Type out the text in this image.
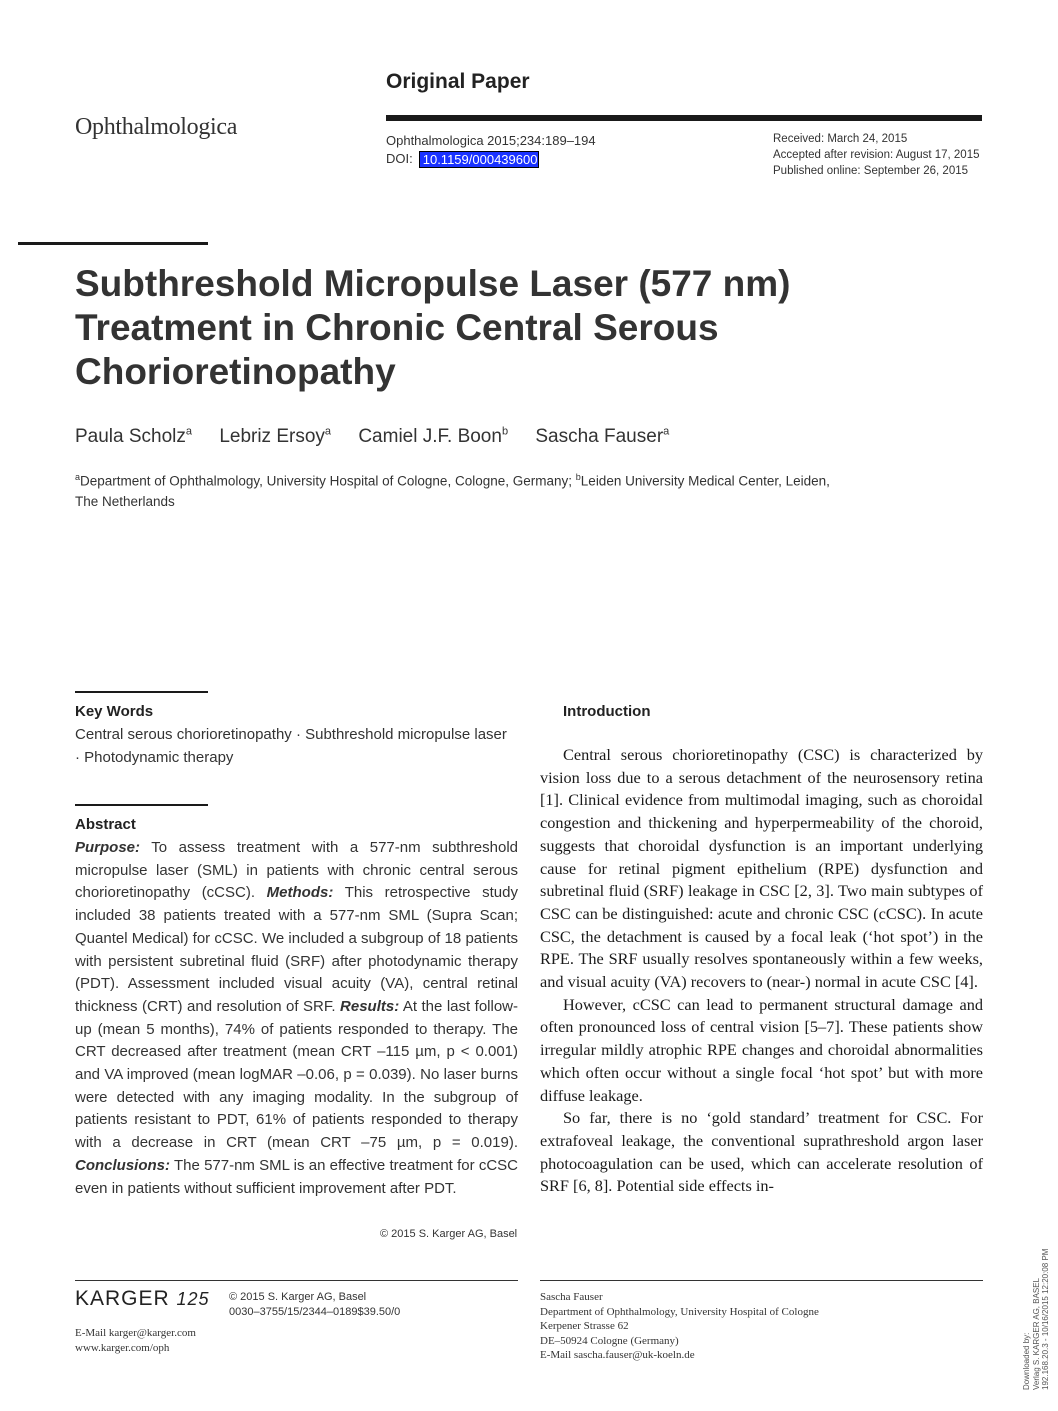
Original Paper
Ophthalmologica
Ophthalmologica 2015;234:189–194
DOI: 10.1159/000439600
Received: March 24, 2015
Accepted after revision: August 17, 2015
Published online: September 26, 2015
Subthreshold Micropulse Laser (577 nm) Treatment in Chronic Central Serous Chorioretinopathy
Paula Scholz$^a$ Lebriz Ersoy$^a$ Camiel J.F. Boon$^b$ Sascha Fauser$^a$
$^a$Department of Ophthalmology, University Hospital of Cologne, Cologne, Germany; $^b$Leiden University Medical Center, Leiden, The Netherlands
Key Words
Central serous chorioretinopathy · Subthreshold micropulse laser · Photodynamic therapy
Abstract
Purpose: To assess treatment with a 577-nm subthreshold micropulse laser (SML) in patients with chronic central serous chorioretinopathy (cCSC). Methods: This retrospective study included 38 patients treated with a 577-nm SML (Supra Scan; Quantel Medical) for cCSC. We included a subgroup of 18 patients with persistent subretinal fluid (SRF) after photodynamic therapy (PDT). Assessment included visual acuity (VA), central retinal thickness (CRT) and resolution of SRF. Results: At the last follow-up (mean 5 months), 74% of patients responded to therapy. The CRT decreased after treatment (mean CRT –115 µm, p < 0.001) and VA improved (mean logMAR –0.06, p = 0.039). No laser burns were detected with any imaging modality. In the subgroup of patients resistant to PDT, 61% of patients responded to therapy with a decrease in CRT (mean CRT –75 µm, p = 0.019). Conclusions: The 577-nm SML is an effective treatment for cCSC even in patients without sufficient improvement after PDT.
© 2015 S. Karger AG, Basel
Introduction

Central serous chorioretinopathy (CSC) is characterized by vision loss due to a serous detachment of the neurosensory retina [1]. Clinical evidence from multimodal imaging, such as choroidal congestion and thickening and hyperpermeability of the choroid, suggests that choroidal dysfunction is an important underlying cause for retinal pigment epithelium (RPE) dysfunction and subretinal fluid (SRF) leakage in CSC [2, 3]. Two main subtypes of CSC can be distinguished: acute and chronic CSC (cCSC). In acute CSC, the detachment is caused by a focal leak (‘hot spot’) in the RPE. The SRF usually resolves spontaneously within a few weeks, and visual acuity (VA) recovers to (near-) normal in acute CSC [4].

However, cCSC can lead to permanent structural damage and often pronounced loss of central vision [5–7]. These patients show irregular mildly atrophic RPE changes and choroidal abnormalities which often occur without a single focal ‘hot spot’ but with more diffuse leakage.

So far, there is no ‘gold standard’ treatment for CSC. For extrafoveal leakage, the conventional suprathreshold argon laser photocoagulation can be used, which can accelerate resolution of SRF [6, 8]. Potential side effects in-

KARGER 125 © 2015 S. Karger AG, Basel
0030–3755/15/2344–0189$39.50/0
E-Mail karger@karger.com
www.karger.com/oph
Sascha Fauser
Department of Ophthalmology, University Hospital of Cologne
Kerpener Strasse 62
DE–50924 Cologne (Germany)
E-Mail sascha.fauser@uk-koeln.de	Downloaded by: Verlag S. KARGER AG, BASEL 192.168.20.3 - 10/16/2015 12:20:08 PM
